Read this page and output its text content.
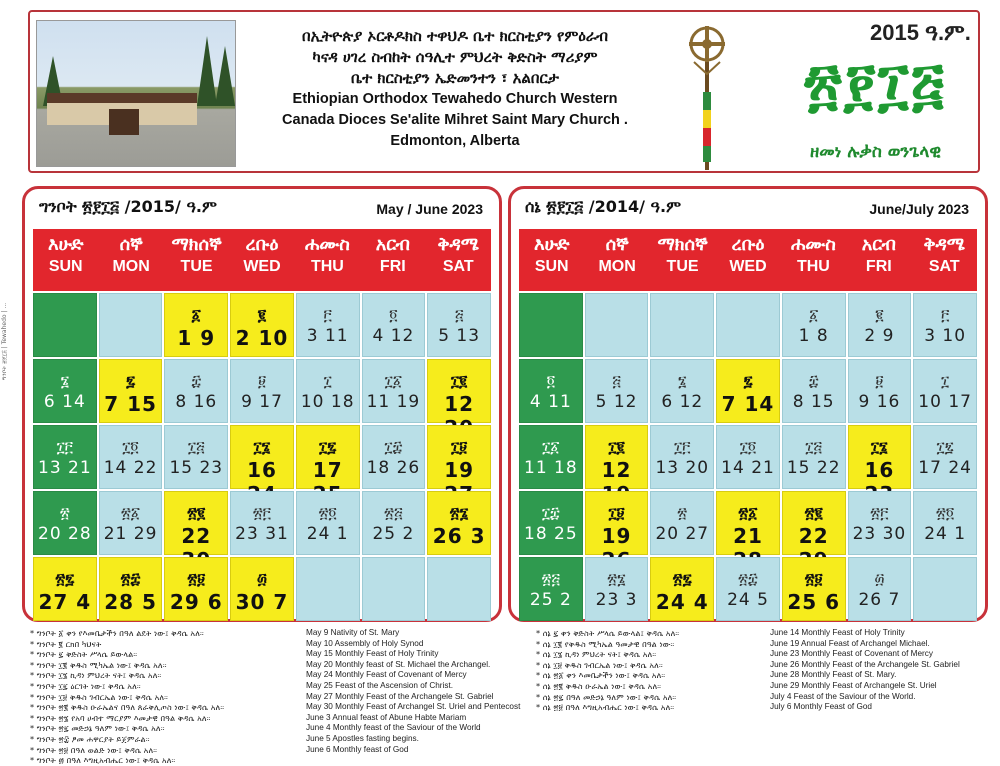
ግንቦት ፳፻፲፭ | Tewahedo | ...
በኢትዮጵያ ኦርቶዶክስ ተዋህዶ ቤተ ክርስቲያን የምዕራብ
ካናዳ ሀገረ ስብከት ሰዓሊተ ምህረት ቅድስት ማሪያም
ቤተ ክርስቲያን ኤድመንተን ፣ አልበርታ
Ethiopian Orthodox Tewahedo Church Western
Canada Dioces Se'alite Mihret Saint Mary Church .
Edmonton, Alberta
2015 ዓ.ም.
፳፻፲፭
ዘመነ ሉቃስ ወንጌላዊ
ግንቦት ፳፻፲፭ /2015/ ዓ.ም	May / June 2023
እሁድ
SUN
ሰኞ
MON
ማክሰኞ
TUE
ረቡዕ
WED
ሐሙስ
THU
አርብ
FRI
ቅዳሜ
SAT
፩
1 9
፪
2 10
፫
3 11
፬
4 12
፭
5 13
፮
6 14
፯
7 15
፰
8 16
፱
9 17
፲
10 18
፲፩
11 19
፲፪
12
፲፫
13 21
፲፬
14 22
፲፭
15 23
፲፮
16
፲፯
17
፲፰
18 26
፲፱
19
፳
20 28
፳፩
21 29
፳፪
22
፳፫
23 31
፳፬
24 1
፳፭
25 2
፳፮
26 3
፳፯
27 4
፳፰
28 5
፳፱
29 6
፴
30 7
ሰኔ ፳፻፲፭ /2014/ ዓ.ም	June/July 2023
እሁድ
SUN
ሰኞ
MON
ማክሰኞ
TUE
ረቡዕ
WED
ሐሙስ
THU
አርብ
FRI
ቅዳሜ
SAT
፩
1 8
፪
2 9
፫
3 10
፬
4 11
፭
5 12
፮
6 12
፯
7 14
፰
8 15
፱
9 16
፲
10 17
፲፩
11 18
፲፪
12
፲፫
13 20
፲፬
14 21
፲፭
15 22
፲፮
16
፲፯
17 24
፲፰
18 25
፲፱
19
፳
20 27
፳፩
21
፳፪
22
፳፫
23 30
፳፬
24 1
፳፭
25 2
፳፮
23 3
፳፯
24 4
፳፰
24 5
፳፱
25 6
፴
26 7
* ግንቦት ፩ ቀን የእመቤታችን በዓለ ልደት ነው፤ ቅዳሴ አለ።
* ግንቦት ፪ ርክበ ካህናት
* ግንቦት ፯ ቅድስት ሥላሴ ይውላል።
* ግንቦት ፲፪ ቅዱስ ሚካኤል ነው፤ ቅዳሴ አለ።
* ግንቦት ፲፮ ኪዳነ ምህረት ናት፤ ቅዳሴ አለ።
* ግንቦት ፲፯ ዕርገት ነው፤ ቅዳሴ አለ።
* ግንቦት ፲፱ ቅዱስ ገብርኤል ነው፤ ቅዳሴ አለ።
* ግንቦት ፳፪ ቅዱስ ዑራኤልና በዓለ ጰራቅሊጦስ ነው፤ ቅዳሴ አለ።
* ግንቦት ፳፮ የአባ ሀብተ ማርያም እመታዊ በዓል ቅዳሴ አለ።
* ግንቦት ፳፯ መድኃኔ ዓለም ነው፤ ቅዳሴ አለ።
* ግንቦት ፳፰ ፆመ ሐዋርያት ይጀምራል።
* ግንቦት ፳፱ በዓለ ወልድ ነው፤ ቅዳሴ አለ።
* ግንቦት ፴ በዓለ እግዚአብሔር ነው፤ ቅዳሴ አለ።
May 9 Nativity of St. Mary
May 10 Assembly of Holy Synod
May 15 Monthly Feast of Holy Trinity
May 20 Monthly feast of St. Michael the Archangel.
May 24 Monthly Feast of Covenant of Mercy
May 25 Feast of the Ascension of Christ.
May 27 Monthly Feast of the Archangele St. Gabriel
May 30 Monthly Feast of Archangel St. Uriel and Pentecost
June 3 Annual feast of Abune Habte Mariam
June 4 Monthly feast of the Saviour of the World
June 5 Apostles fasting begins.
June 6 Monthly feast of God
* ሰኔ ፯ ቀን ቅድስት ሥላሴ ይውላል፤ ቅዳሴ አለ።
* ሰኔ ፲፪ የቅዱስ ሚካኤል ዓመታዊ በዓል ነው።
* ሰኔ ፲፮ ኪዳነ ምህረት ናት፤ ቅዳሴ አለ።
* ሰኔ ፲፱ ቅዱስ ገብርኤል ነው፤ ቅዳሴ አለ።
* ሰኔ ፳፩ ቀን እመቤታችን ነው፤ ቅዳሴ አለ።
* ሰኔ ፳፪ ቅዱስ ዑራኤል ነው፤ ቅዳሴ አለ።
* ሰኔ ፳፯ በዓለ መድኃኔ ዓለም ነው፤ ቅዳሴ አለ።
* ሰኔ ፳፱ በዓለ እግዚአብሔር ነው፤ ቅዳሴ አለ።
June 14 Monthly Feast of Holy Trinity
June 19 Annual Feast of Archangel Michael.
June 23 Monthly Feast of Covenant of Mercy
June 26 Monthly Feast of the Archangele St. Gabriel
June 28 Monthly Feast of St. Mary.
June 29 Monthly Feast of Archangele St. Uriel
July 4 Feast of the Saviour of the World.
July 6 Monthly Feast of God
